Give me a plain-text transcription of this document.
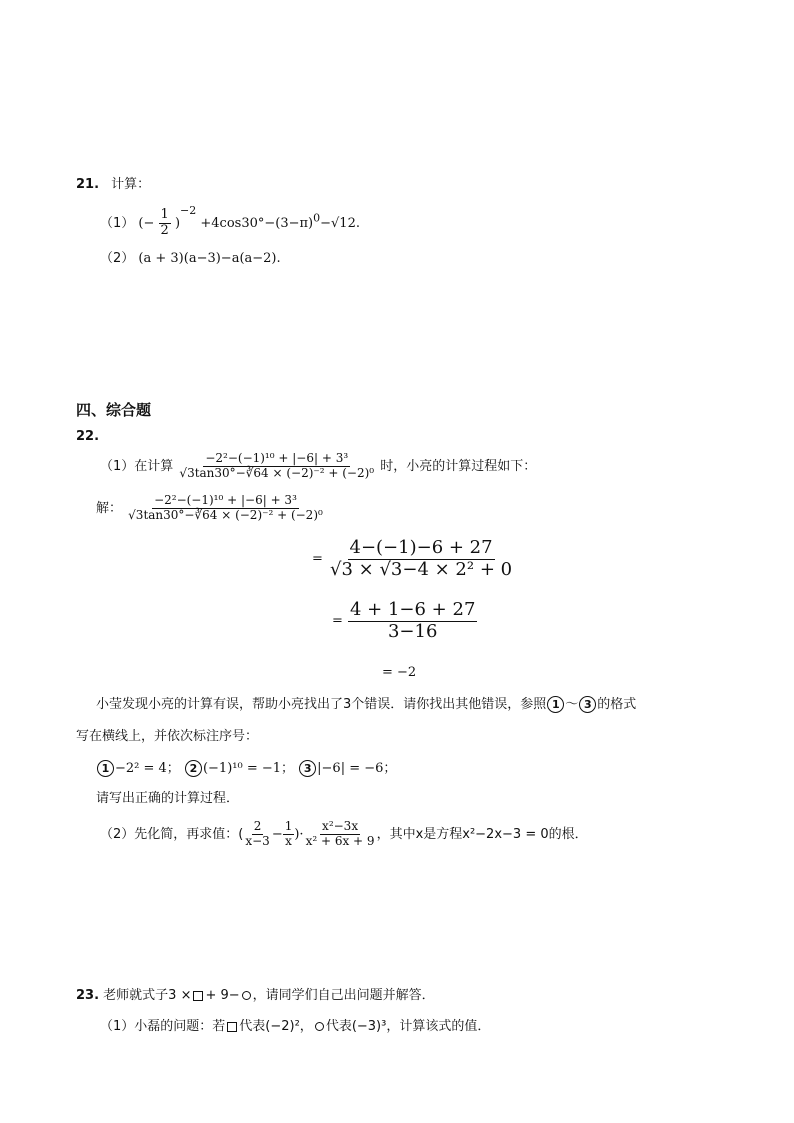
21. 计算：
（1） (− $\frac{1}{2} )^{-2} +4\cos 30^\circ-(3-\pi)^0-√12$.
（2） (a + 3)(a−3)−a(a−2).
四、综合题
22.
（1）在计算 $\frac{\text{−2²−(−1)¹⁰ + |−6| + 3³}}{\text{√3tan30°−∛64 × (−2)⁻² + (−2)⁰}}$ 时，小亮的计算过程如下：
解： $\frac{\text{−2²−(−1)¹⁰ + |−6| + 3³}}{\text{√3tan30°−∛64 × (−2)⁻² + (−2)⁰}}$
= $\frac{4-(-1)-6 + 27}{\text{√3 × √3−4 × 2² + 0}}$
= $\frac{4 + 1-6 + 27}{3-16}$
= −2
小莹发现小亮的计算有误，帮助小亮找出了3个错误．请你找出其他错误，参照 1 ～ 3 的格式
写在横线上，并依次标注序号：
1 −2² = 4； 2 (−1)¹⁰ = −1； 3 |−6| = −6；
请写出正确的计算过程．
（2）先化简，再求值：( $\frac{2}{x-3} - \frac{1}{x}$ )· $\frac{\text{x²−3x}}{\text{x² + 6x + 9}}$ ，其中x是方程x²−2x−3 = 0的根．
23. 老师就式子3 × + 9− ，请同学们自己出问题并解答．
（1）小磊的问题：若 代表(−2)²， 代表(−3)³，计算该式的值．
